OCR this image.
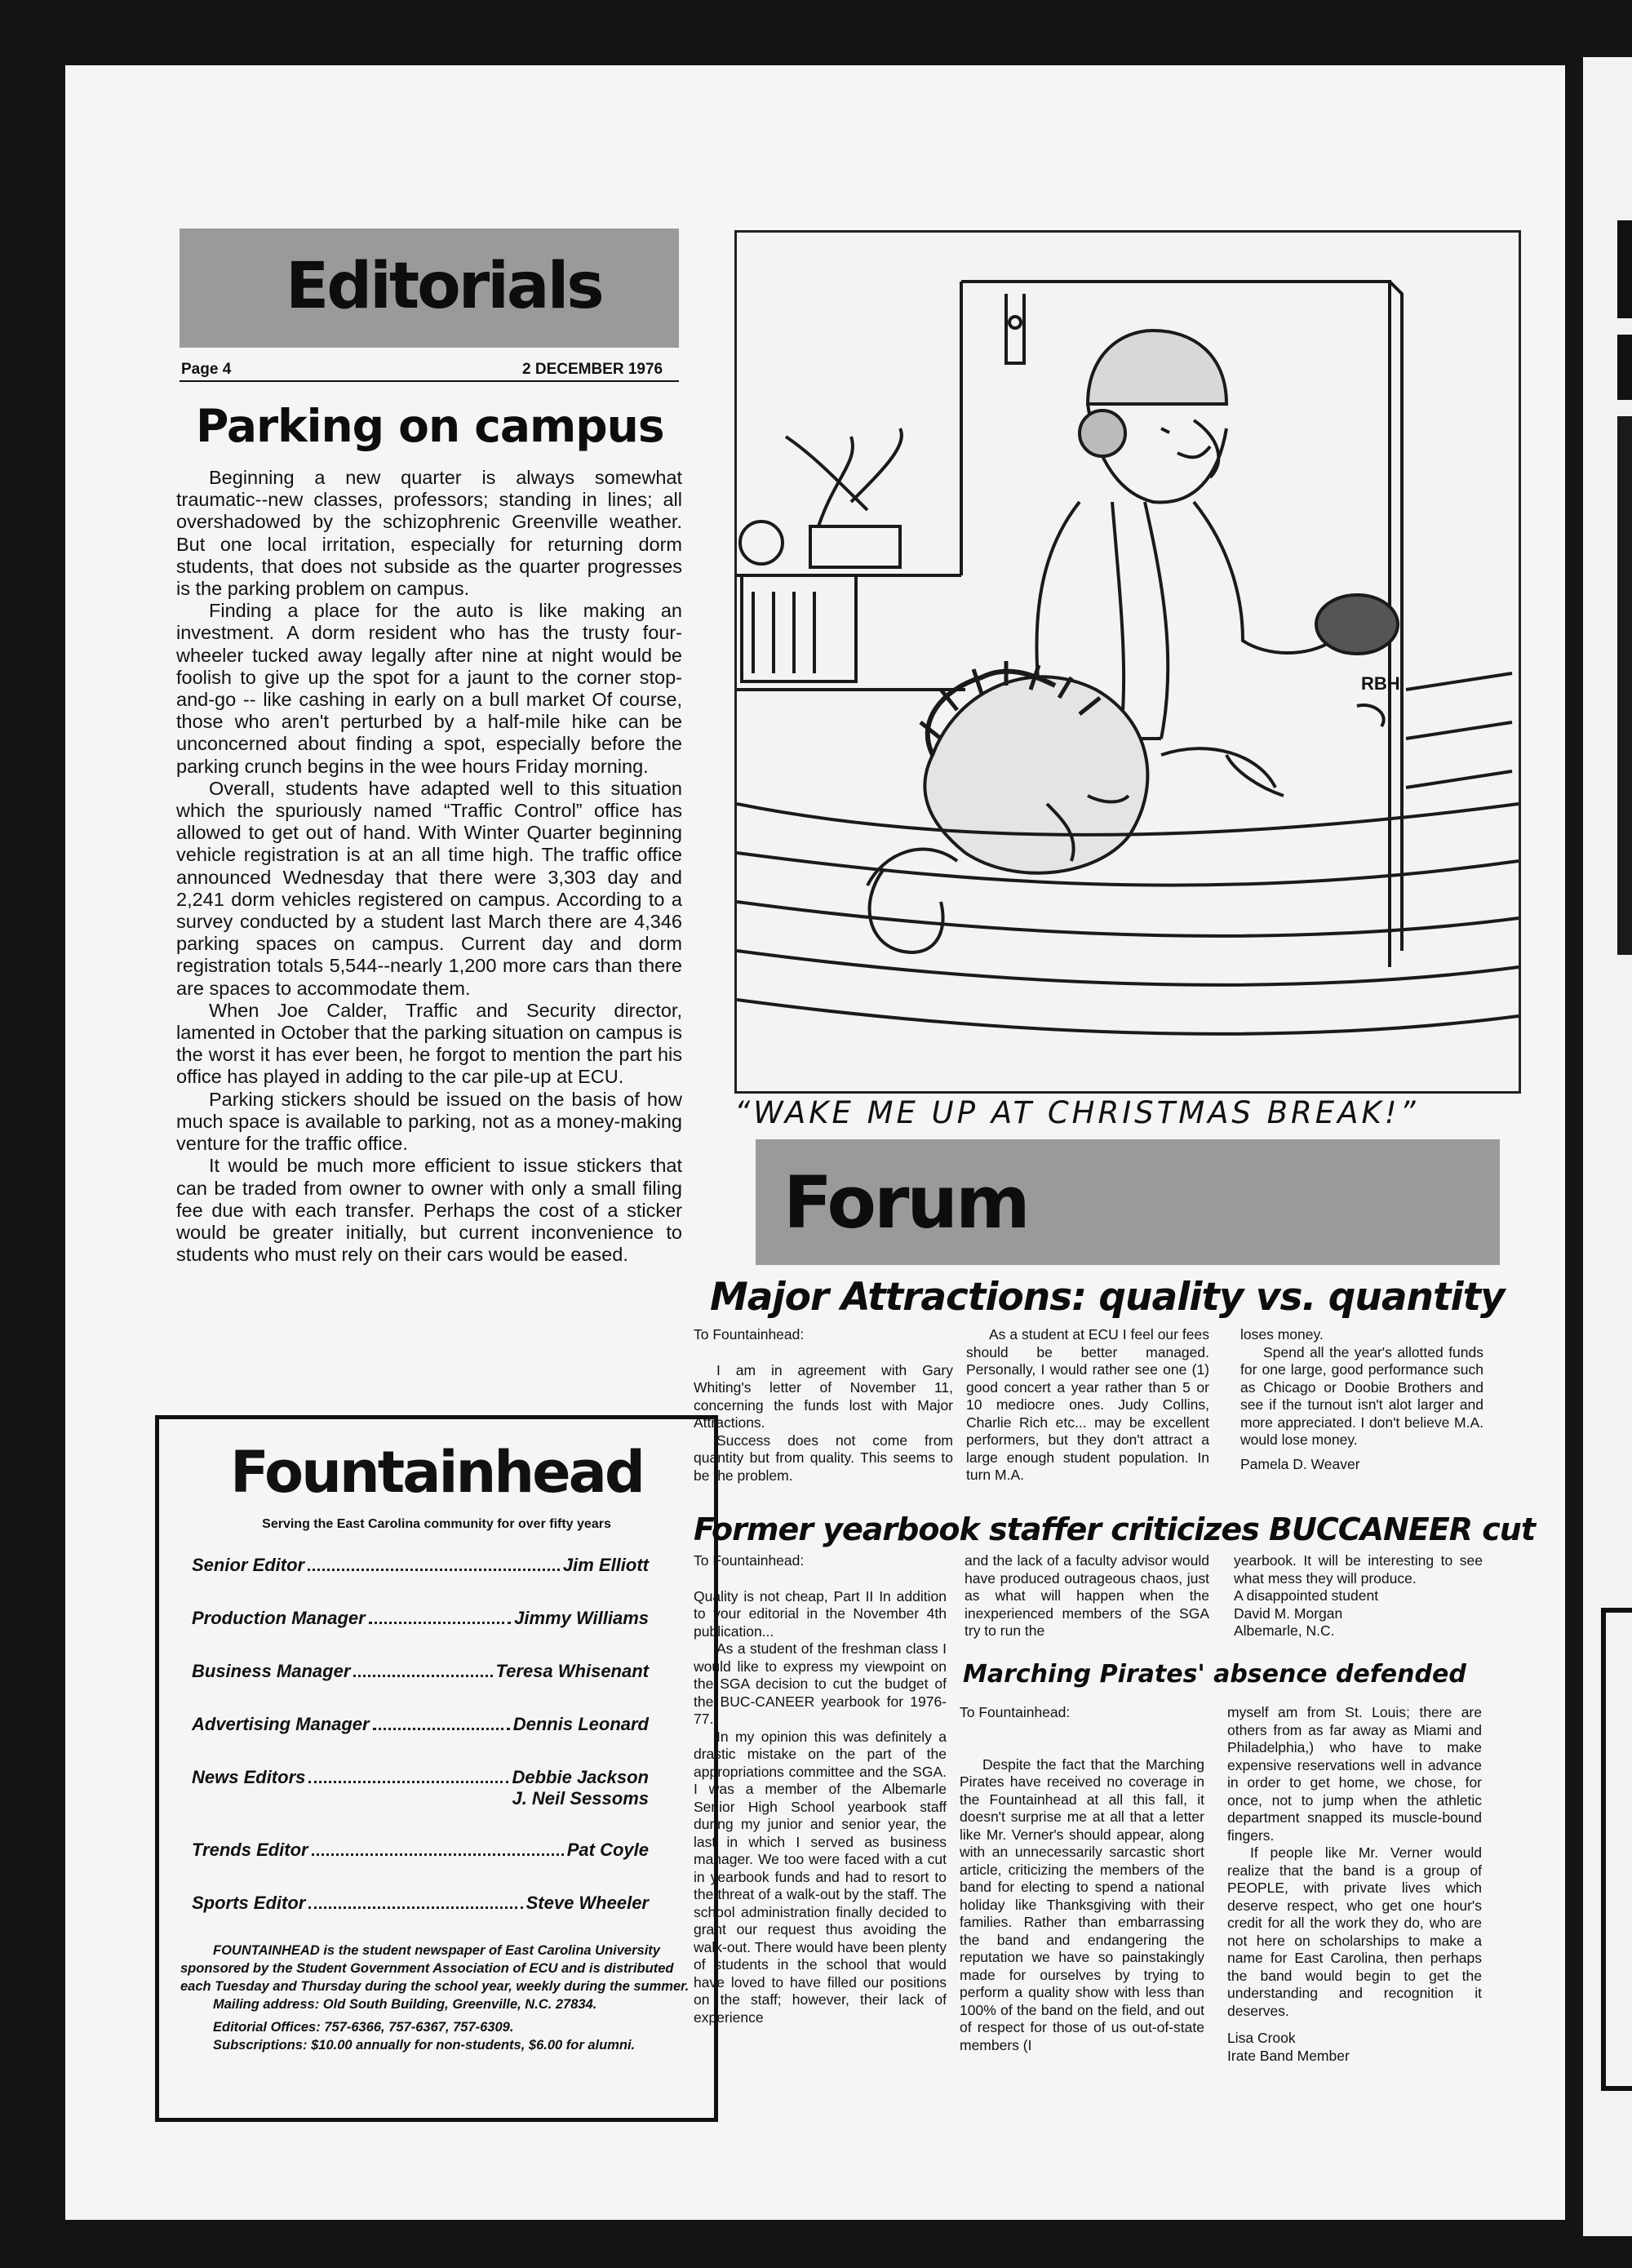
Editorials
Page 4	2 DECEMBER 1976
Parking on campus

Beginning a new quarter is always somewhat traumatic--new classes, professors; standing in lines; all overshadowed by the schizophrenic Greenville weather. But one local irritation, especially for returning dorm students, that does not subside as the quarter progresses is the parking problem on campus.

Finding a place for the auto is like making an investment. A dorm resident who has the trusty four-wheeler tucked away legally after nine at night would be foolish to give up the spot for a jaunt to the corner stop-and-go -- like cashing in early on a bull market Of course, those who aren't perturbed by a half-mile hike can be unconcerned about finding a spot, especially before the parking crunch begins in the wee hours Friday morning.

Overall, students have adapted well to this situation which the spuriously named “Traffic Control” office has allowed to get out of hand. With Winter Quarter beginning vehicle registration is at an all time high. The traffic office announced Wednesday that there were 3,303 day and 2,241 dorm vehicles registered on campus. According to a survey conducted by a student last March there are 4,346 parking spaces on campus. Current day and dorm registration totals 5,544--nearly 1,200 more cars than there are spaces to accommodate them.

When Joe Calder, Traffic and Security director, lamented in October that the parking situation on campus is the worst it has ever been, he forgot to mention the part his office has played in adding to the car pile-up at ECU.

Parking stickers should be issued on the basis of how much space is available to parking, not as a money-making venture for the traffic office.

It would be much more efficient to issue stickers that can be traded from owner to owner with only a small filing fee due with each transfer. Perhaps the cost of a sticker would be greater initially, but current inconvenience to students who must rely on their cars would be eased.

Fountainhead
Serving the East Carolina community for over fifty years
Senior Editor	Jim Elliott
Production Manager	Jimmy Williams
Business Manager	Teresa Whisenant
Advertising Manager	Dennis Leonard
News Editors	Debbie Jackson
J. Neil Sessoms
Trends Editor	Pat Coyle
Sports Editor	Steve Wheeler
FOUNTAINHEAD is the student newspaper of East Carolina University sponsored by the Student Government Association of ECU and is distributed each Tuesday and Thursday during the school year, weekly during the summer.
Mailing address: Old South Building, Greenville, N.C. 27834.
Editorial Offices: 757-6366, 757-6367, 757-6309.
Subscriptions: $10.00 annually for non-students, $6.00 for alumni.
RBH
“WAKE ME UP AT CHRISTMAS BREAK!”
Forum
Major Attractions: quality vs. quantity

To Fountainhead:

I am in agreement with Gary Whiting's letter of November 11, concerning the funds lost with Major Attractions.

Success does not come from quantity but from quality. This seems to be the problem.

As a student at ECU I feel our fees should be better managed. Personally, I would rather see one (1) good concert a year rather than 5 or 10 mediocre ones. Judy Collins, Charlie Rich etc... may be excellent performers, but they don't attract a large enough student population. In turn M.A.

loses money.

Spend all the year's allotted funds for one large, good performance such as Chicago or Doobie Brothers and see if the turnout isn't alot larger and more appreciated. I don't believe M.A. would lose money.

Pamela D. Weaver

Former yearbook staffer criticizes BUCCANEER cut

To Fountainhead:

Quality is not cheap, Part II In addition to your editorial in the November 4th publication...

As a student of the freshman class I would like to express my viewpoint on the SGA decision to cut the budget of the BUC-CANEER yearbook for 1976-77.

In my opinion this was definitely a drastic mistake on the part of the appropriations committee and the SGA. I was a member of the Albemarle Senior High School yearbook staff during my junior and senior year, the last in which I served as business manager. We too were faced with a cut in yearbook funds and had to resort to the threat of a walk-out by the staff. The school administration finally decided to grant our request thus avoiding the walk-out. There would have been plenty of students in the school that would have loved to have filled our positions on the staff; however, their lack of experience

and the lack of a faculty advisor would have produced outrageous chaos, just as what will happen when the inexperienced members of the SGA try to run the

yearbook. It will be interesting to see what mess they will produce.

A disappointed student

David M. Morgan

Albemarle, N.C.

Marching Pirates' absence defended

To Fountainhead:

Despite the fact that the Marching Pirates have received no coverage in the Fountainhead at all this fall, it doesn't surprise me at all that a letter like Mr. Verner's should appear, along with an unnecessarily sarcastic short article, criticizing the members of the band for electing to spend a national holiday like Thanksgiving with their families. Rather than embarrassing the band and endangering the reputation we have so painstakingly made for ourselves by trying to perform a quality show with less than 100% of the band on the field, and out of respect for those of us out-of-state members (I

myself am from St. Louis; there are others from as far away as Miami and Philadelphia,) who have to make expensive reservations well in advance in order to get home, we chose, for once, not to jump when the athletic department snapped its muscle-bound fingers.

If people like Mr. Verner would realize that the band is a group of PEOPLE, with private lives which deserve respect, who get one hour's credit for all the work they do, who are not here on scholarships to make a name for East Carolina, then perhaps the band would begin to get the understanding and recognition it deserves.

Lisa Crook

Irate Band Member
